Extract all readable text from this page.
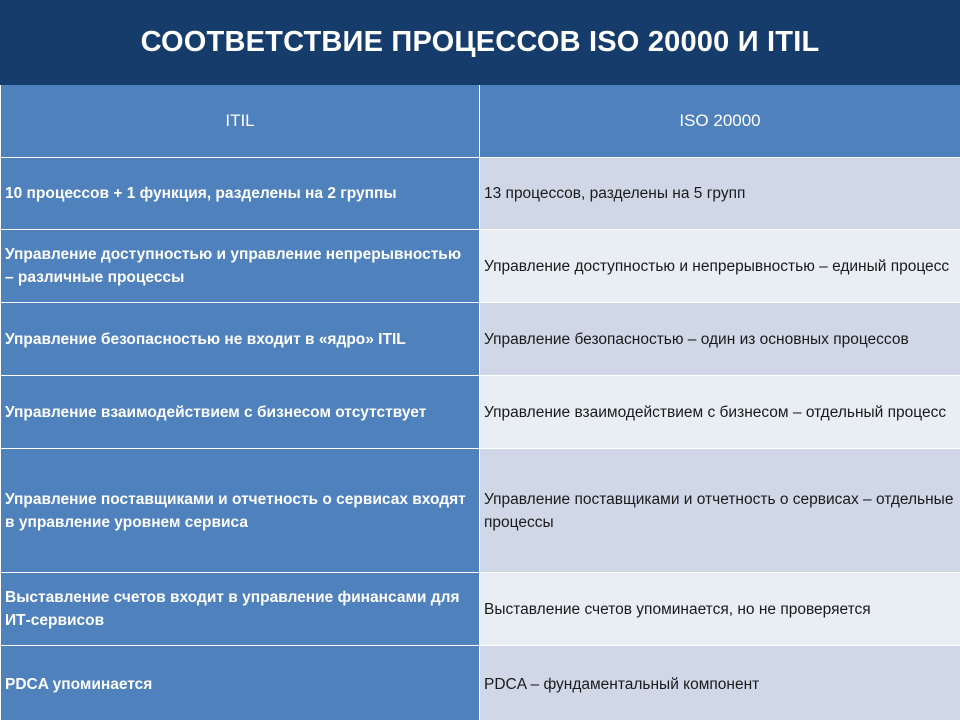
СООТВЕТСТВИЕ ПРОЦЕССОВ ISO 20000 И ITIL
ITIL	ISO 20000
10 процессов + 1 функция, разделены на 2 группы	13 процессов, разделены на 5 групп
Управление доступностью и управление непрерывностью – различные процессы	Управление доступностью и непрерывностью – единый процесс
Управление безопасностью не входит в «ядро» ITIL	Управление безопасностью – один из основных процессов
Управление взаимодействием с бизнесом отсутствует	Управление взаимодействием с бизнесом – отдельный процесс
Управление поставщиками и отчетность о сервисах входят в управление уровнем сервиса	Управление поставщиками и отчетность о сервисах – отдельные процессы
Выставление счетов входит в управление финансами для ИТ-сервисов	Выставление счетов упоминается, но не проверяется
PDCA упоминается	PDCA – фундаментальный компонент
